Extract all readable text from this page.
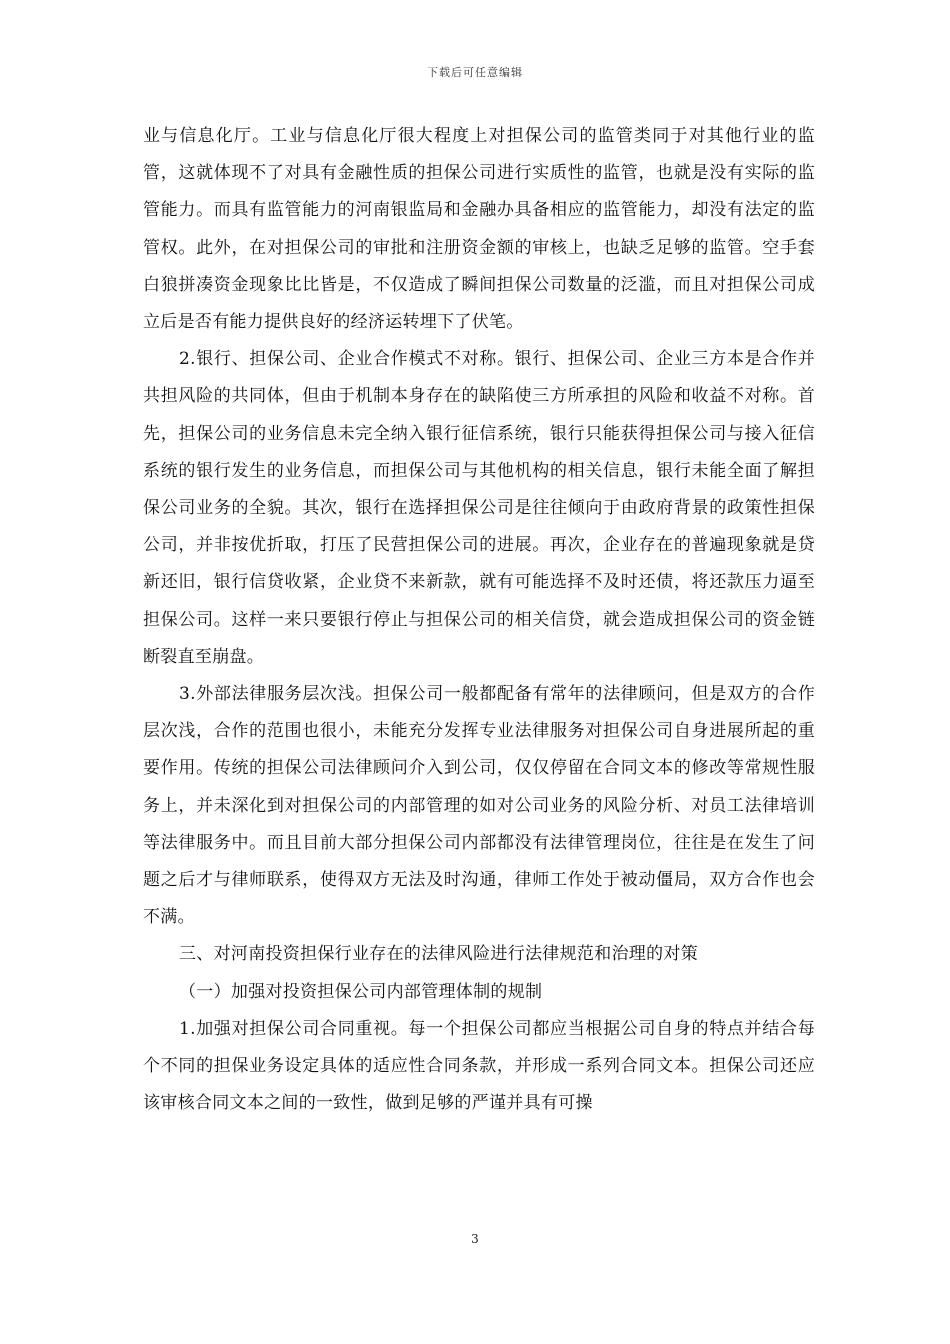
下载后可任意编辑

业与信息化厅。工业与信息化厅很大程度上对担保公司的监管类同于对其他行业的监管，这就体现不了对具有金融性质的担保公司进行实质性的监管，也就是没有实际的监管能力。而具有监管能力的河南银监局和金融办具备相应的监管能力，却没有法定的监管权。此外，在对担保公司的审批和注册资金额的审核上，也缺乏足够的监管。空手套白狼拼凑资金现象比比皆是，不仅造成了瞬间担保公司数量的泛滥，而且对担保公司成立后是否有能力提供良好的经济运转埋下了伏笔。

2.银行、担保公司、企业合作模式不对称。银行、担保公司、企业三方本是合作并共担风险的共同体，但由于机制本身存在的缺陷使三方所承担的风险和收益不对称。首先，担保公司的业务信息未完全纳入银行征信系统，银行只能获得担保公司与接入征信系统的银行发生的业务信息，而担保公司与其他机构的相关信息，银行未能全面了解担保公司业务的全貌。其次，银行在选择担保公司是往往倾向于由政府背景的政策性担保公司，并非按优折取，打压了民营担保公司的进展。再次，企业存在的普遍现象就是贷新还旧，银行信贷收紧，企业贷不来新款，就有可能选择不及时还债，将还款压力逼至担保公司。这样一来只要银行停止与担保公司的相关信贷，就会造成担保公司的资金链断裂直至崩盘。

3.外部法律服务层次浅。担保公司一般都配备有常年的法律顾问，但是双方的合作层次浅，合作的范围也很小，未能充分发挥专业法律服务对担保公司自身进展所起的重要作用。传统的担保公司法律顾问介入到公司，仅仅停留在合同文本的修改等常规性服务上，并未深化到对担保公司的内部管理的如对公司业务的风险分析、对员工法律培训等法律服务中。而且目前大部分担保公司内部都没有法律管理岗位，往往是在发生了问题之后才与律师联系，使得双方无法及时沟通，律师工作处于被动僵局，双方合作也会不满。

三、对河南投资担保行业存在的法律风险进行法律规范和治理的对策

（一）加强对投资担保公司内部管理体制的规制

1.加强对担保公司合同重视。每一个担保公司都应当根据公司自身的特点并结合每个不同的担保业务设定具体的适应性合同条款，并形成一系列合同文本。担保公司还应该审核合同文本之间的一致性，做到足够的严谨并具有可操

3
